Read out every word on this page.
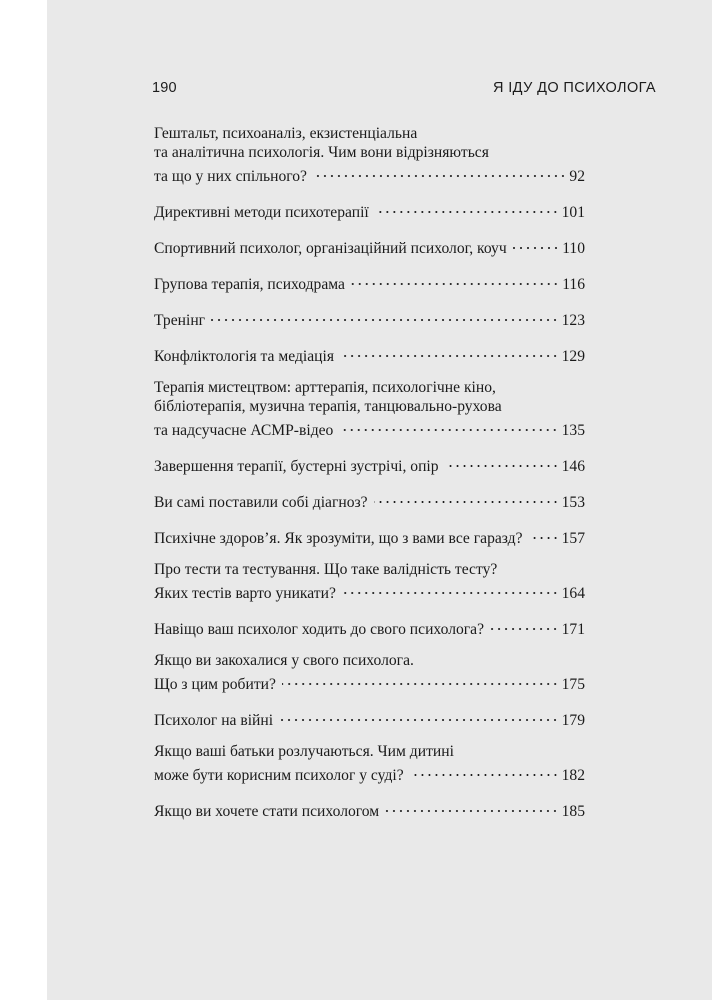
190	Я ІДУ ДО ПСИХОЛОГА
Гештальт, психоаналіз, екзистенціальна
та аналітична психологія. Чим вони відрізняються
та що у них спільного?	92
Директивні методи психотерапії	101
Спортивний психолог, організаційний психолог, коуч	110
Групова терапія, психодрама	116
Тренінг	123
Конфліктологія та медіація	129
Терапія мистецтвом: арттерапія, психологічне кіно,
бібліотерапія, музична терапія, танцювально-рухова
та надсучасне АСМР-відео	135
Завершення терапії, бустерні зустрічі, опір	146
Ви самі поставили собі діагноз?	153
Психічне здоров’я. Як зрозуміти, що з вами все гаразд?	157
Про тести та тестування. Що таке валідність тесту?
Яких тестів варто уникати?	164
Навіщо ваш психолог ходить до свого психолога?	171
Якщо ви закохалися у свого психолога.
Що з цим робити?	175
Психолог на війні	179
Якщо ваші батьки розлучаються. Чим дитині
може бути корисним психолог у суді?	182
Якщо ви хочете стати психологом	185
